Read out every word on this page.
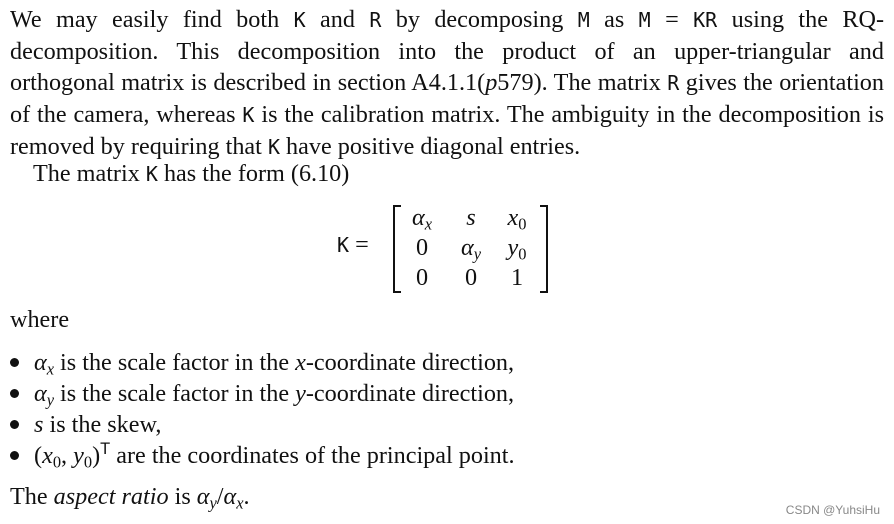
We may easily find both K and R by decomposing M as M = KR using the RQ-decomposition. This decomposition into the product of an upper-triangular and orthogonal matrix is described in section A4.1.1(p579). The matrix R gives the orientation of the camera, whereas K is the calibration matrix. The ambiguity in the decomposition is removed by requiring that K have positive diagonal entries.
The matrix K has the form (6.10)
K =
$\alpha_x$	s	$x_0$
0	$\alpha_y$	$y_0$
0	0	1
where
$\alpha_x$ is the scale factor in the x-coordinate direction,
$\alpha_y$ is the scale factor in the y-coordinate direction,
s is the skew,
($x_0$, $y_0)^T$ are the coordinates of the principal point.
The aspect ratio is $\alpha_y/\alpha_x$.	CSDN @YuhsiHu
